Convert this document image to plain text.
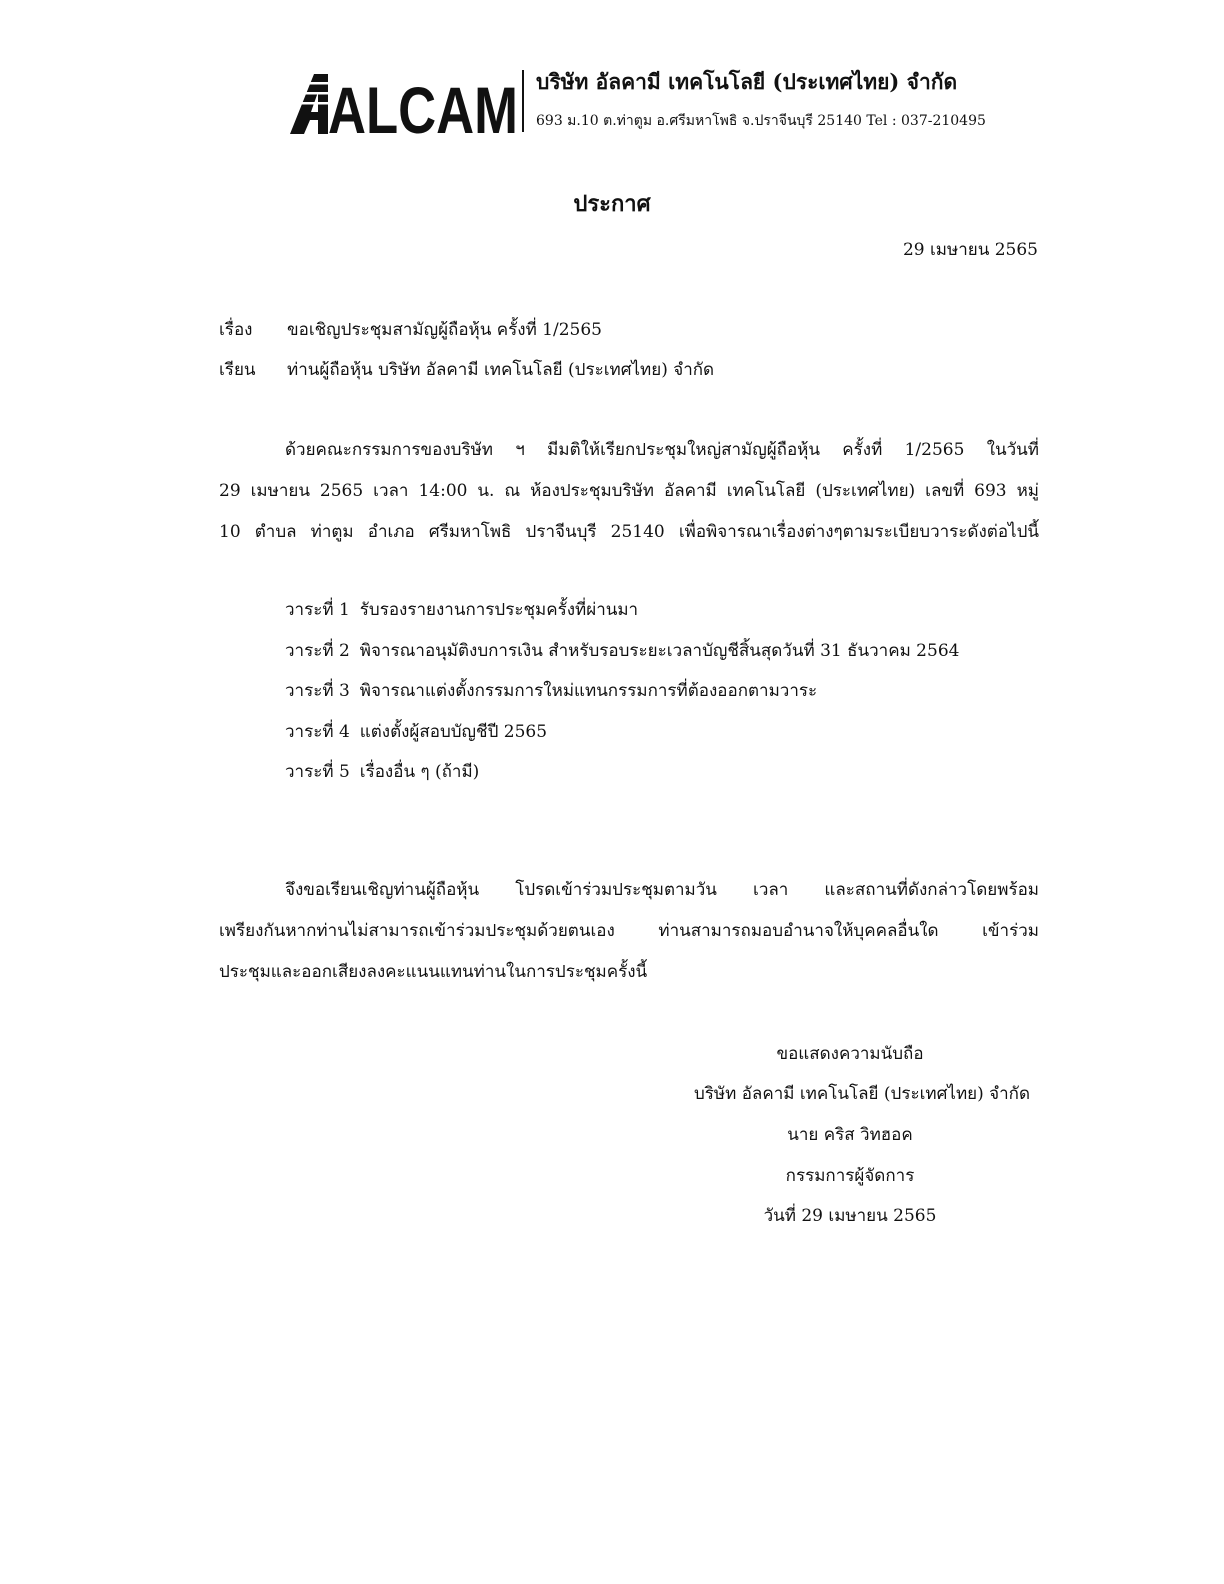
ALCAM บริษัท อัลคามี เทคโนโลยี (ประเทศไทย) จำกัด
693 ม.10 ต.ท่าตูม อ.ศรีมหาโพธิ จ.ปราจีนบุรี 25140 Tel : 037-210495
ประกาศ
29 เมษายน 2565
เรื่อง ขอเชิญประชุมสามัญผู้ถือหุ้น ครั้งที่ 1/2565
เรียน ท่านผู้ถือหุ้น บริษัท อัลคามี เทคโนโลยี (ประเทศไทย) จำกัด
ด้วยคณะกรรมการของบริษัท ฯ มีมติให้เรียกประชุมใหญ่สามัญผู้ถือหุ้น ครั้งที่ 1/2565 ในวันที่
29 เมษายน 2565 เวลา 14:00 น. ณ ห้องประชุมบริษัท อัลคามี เทคโนโลยี (ประเทศไทย) เลขที่ 693 หมู่
10 ตำบล ท่าตูม อำเภอ ศรีมหาโพธิ ปราจีนบุรี 25140 เพื่อพิจารณาเรื่องต่างๆตามระเบียบวาระดังต่อไปนี้
วาระที่ 1 รับรองรายงานการประชุมครั้งที่ผ่านมา
วาระที่ 2 พิจารณาอนุมัติงบการเงิน สำหรับรอบระยะเวลาบัญชีสิ้นสุดวันที่ 31 ธันวาคม 2564
วาระที่ 3 พิจารณาแต่งตั้งกรรมการใหม่แทนกรรมการที่ต้องออกตามวาระ
วาระที่ 4 แต่งตั้งผู้สอบบัญชีปี 2565
วาระที่ 5 เรื่องอื่น ๆ (ถ้ามี)
จึงขอเรียนเชิญท่านผู้ถือหุ้น โปรดเข้าร่วมประชุมตามวัน เวลา และสถานที่ดังกล่าวโดยพร้อม
เพรียงกันหากท่านไม่สามารถเข้าร่วมประชุมด้วยตนเอง ท่านสามารถมอบอำนาจให้บุคคลอื่นใด เข้าร่วม
ประชุมและออกเสียงลงคะแนนแทนท่านในการประชุมครั้งนี้
ขอแสดงความนับถือ
บริษัท อัลคามี เทคโนโลยี (ประเทศไทย) จำกัด
นาย คริส วิทฮอค
กรรมการผู้จัดการ
วันที่ 29 เมษายน 2565
